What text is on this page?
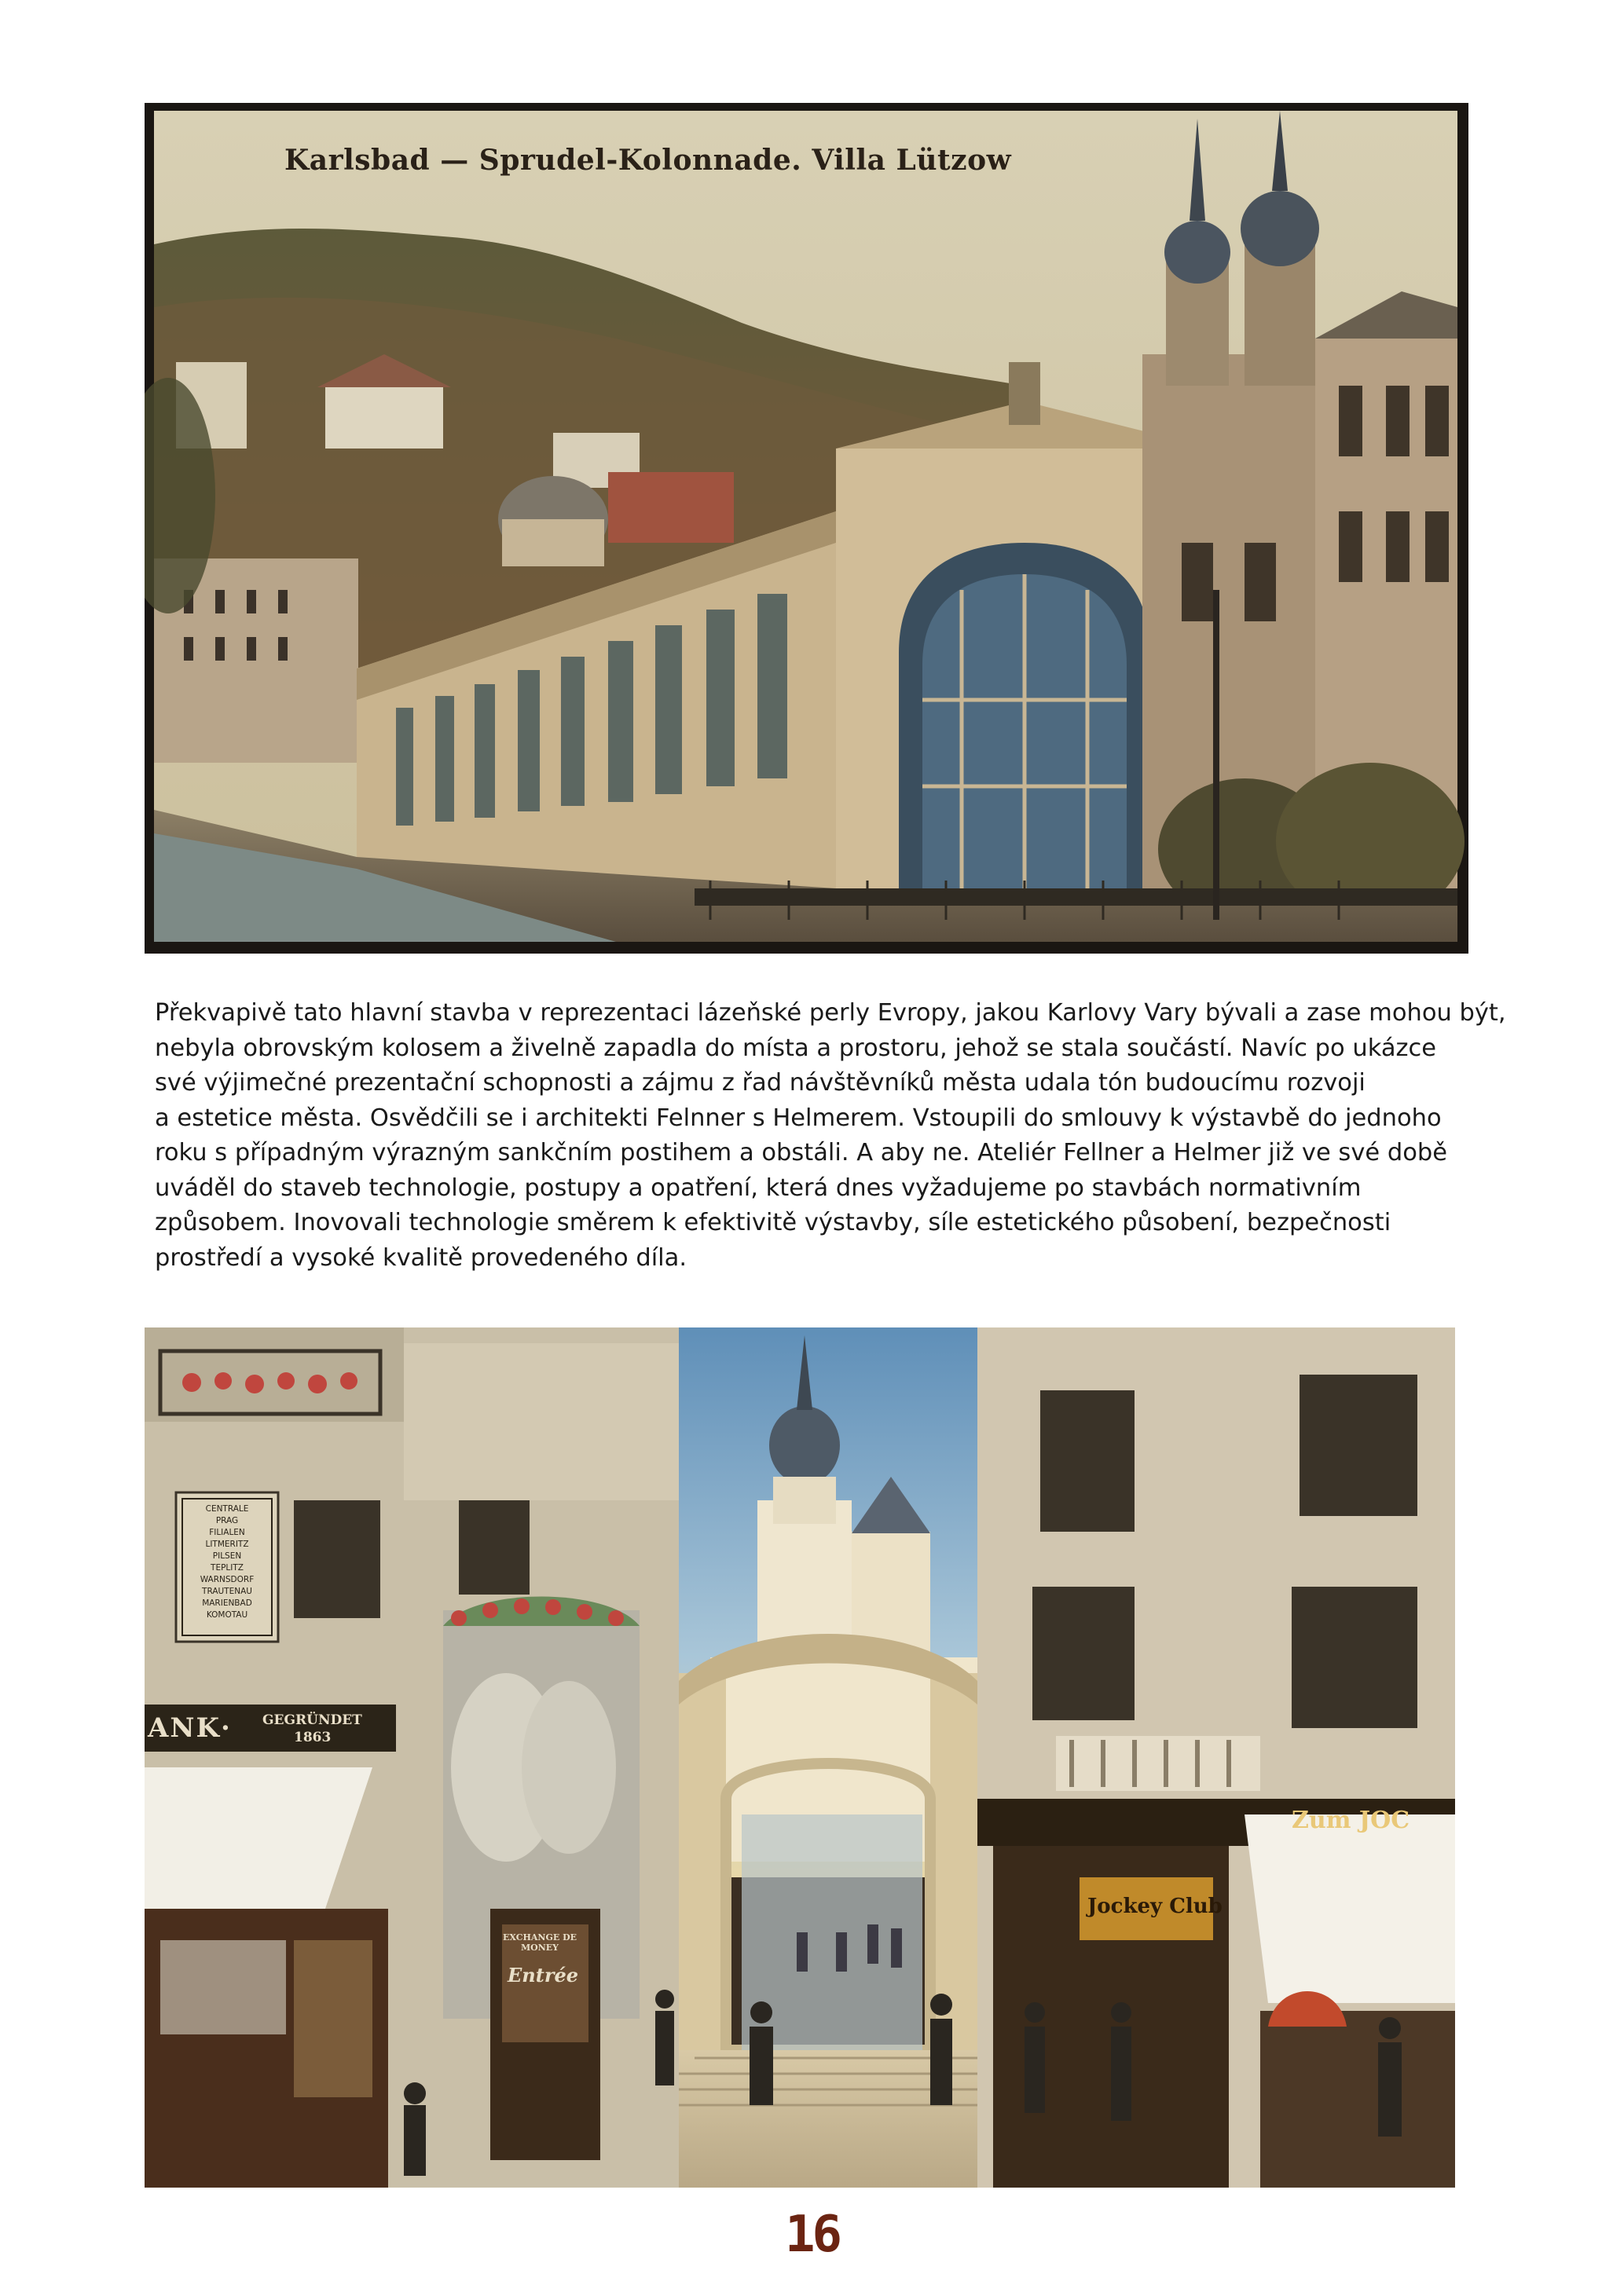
Karlsbad — Sprudel-Kolonnade. Villa Lützow
Překvapivě tato hlavní stavba v reprezentaci lázeňské perly Evropy, jakou Karlovy Vary bývali a zase mohou být,
nebyla obrovským kolosem a živelně zapadla do místa a prostoru, jehož se stala součástí. Navíc po ukázce
své výjimečné prezentační schopnosti a zájmu z řad návštěvníků města udala tón budoucímu rozvoji
a estetice města. Osvědčili se i architekti Felnner s Helmerem. Vstoupili do smlouvy k výstavbě do jednoho
roku s případným výrazným sankčním postihem a obstáli. A aby ne. Ateliér Fellner a Helmer již ve své době
uváděl do staveb technologie, postupy a opatření, která dnes vyžadujeme po stavbách normativním
způsobem. Inovovali technologie směrem k efektivitě výstavby, síle estetického působení, bezpečnosti
prostředí a vysoké kvalitě provedeného díla.
ANK· GEGRÜNDET
1863
Jockey Club
Zum JOC
EXCHANGE DE MONEY
Entrée
CENTRALE
PRAG
FILIALEN
LITMERITZ
PILSEN
TEPLITZ
WARNSDORF
TRAUTENAU
MARIENBAD
KOMOTAU
16
